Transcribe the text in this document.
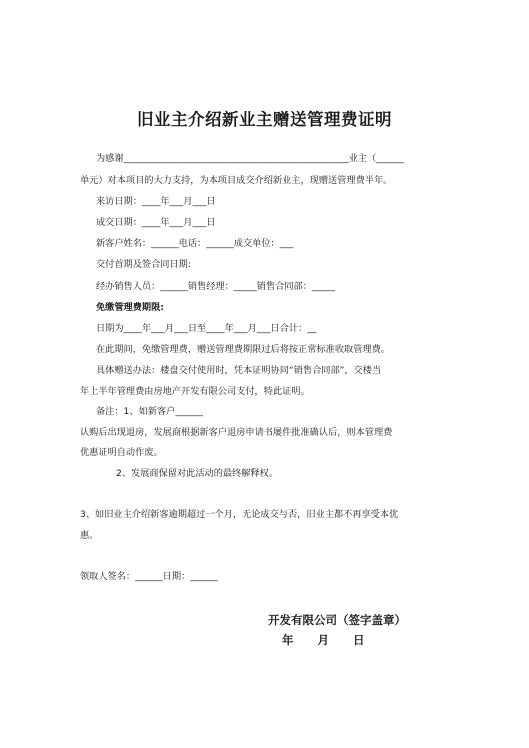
旧业主介绍新业主赠送管理费证明
为感谢_________________________________________________业主（______
单元）对本项目的大力支持，为本项目成交介绍新业主，现赠送管理费半年。
来访日期：____年___月___日
成交日期：____年___月___日
新客户姓名：______电话：______成交单位：___
交付首期及签合同日期:
经办销售人员：______销售经理：_____销售合同部：_____
免缴管理费期限:
日期为____年___月___日至____年___月___日合计：__
在此期间，免缴管理费，赠送管理费期限过后将按正常标准收取管理费。
具体赠送办法：楼盘交付使用时，凭本证明协同“销售合同部”，交楼当
年上半年管理费由房地产开发有限公司支付，特此证明。
备注：1、如新客户______
认购后出现退房，发展商根据新客户退房申请书屡件批准确认后，则本管理费
优惠证明自动作废。
2、发展商保留对此活动的最终解释权。
3、如旧业主介绍新客逾期超过一个月，无论成交与否，旧业主都不再享受本优
惠。
领取人签名：______日期：______
开发有限公司（签字盖章）
年  月  日
